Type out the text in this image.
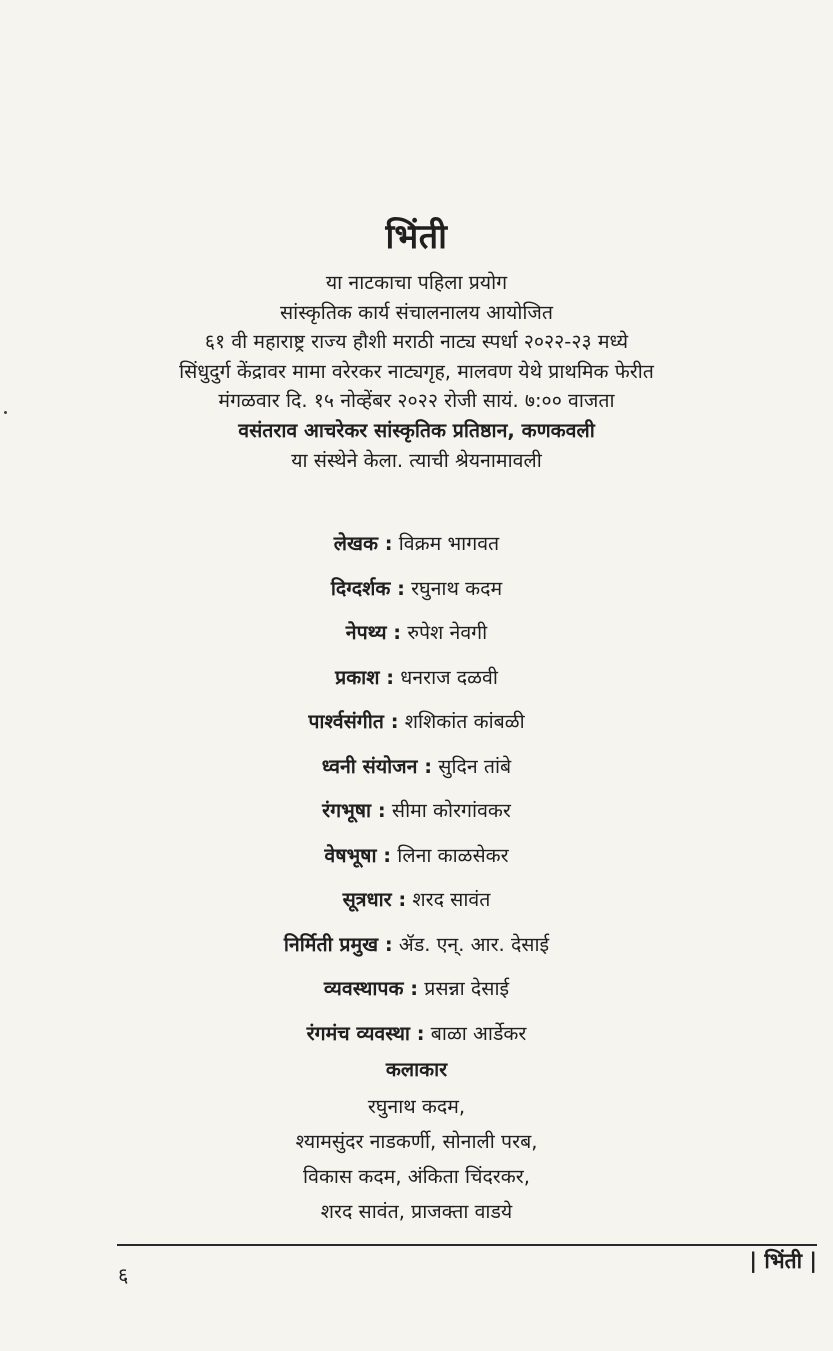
भिंती
या नाटकाचा पहिला प्रयोग
सांस्कृतिक कार्य संचालनालय आयोजित
६१ वी महाराष्ट्र राज्य हौशी मराठी नाट्य स्पर्धा २०२२-२३ मध्ये
सिंधुदुर्ग केंद्रावर मामा वरेरकर नाट्यगृह, मालवण येथे प्राथमिक फेरीत
मंगळवार दि. १५ नोव्हेंबर २०२२ रोजी सायं. ७:०० वाजता
वसंतराव आचरेकर सांस्कृतिक प्रतिष्ठान, कणकवली
या संस्थेने केला. त्याची श्रेयनामावली
लेखक : विक्रम भागवत
दिग्दर्शक : रघुनाथ कदम
नेपथ्य : रुपेश नेवगी
प्रकाश : धनराज दळवी
पार्श्वसंगीत : शशिकांत कांबळी
ध्वनी संयोजन : सुदिन तांबे
रंगभूषा : सीमा कोरगांवकर
वेषभूषा : लिना काळसेकर
सूत्रधार : शरद सावंत
निर्मिती प्रमुख : ॲड. एन्. आर. देसाई
व्यवस्थापक : प्रसन्ना देसाई
रंगमंच व्यवस्था : बाळा आर्डेकर
कलाकार
रघुनाथ कदम,
श्यामसुंदर नाडकर्णी, सोनाली परब,
विकास कदम, अंकिता चिंदरकर,
शरद सावंत, प्राजक्ता वाडये
६
| भिंती |
